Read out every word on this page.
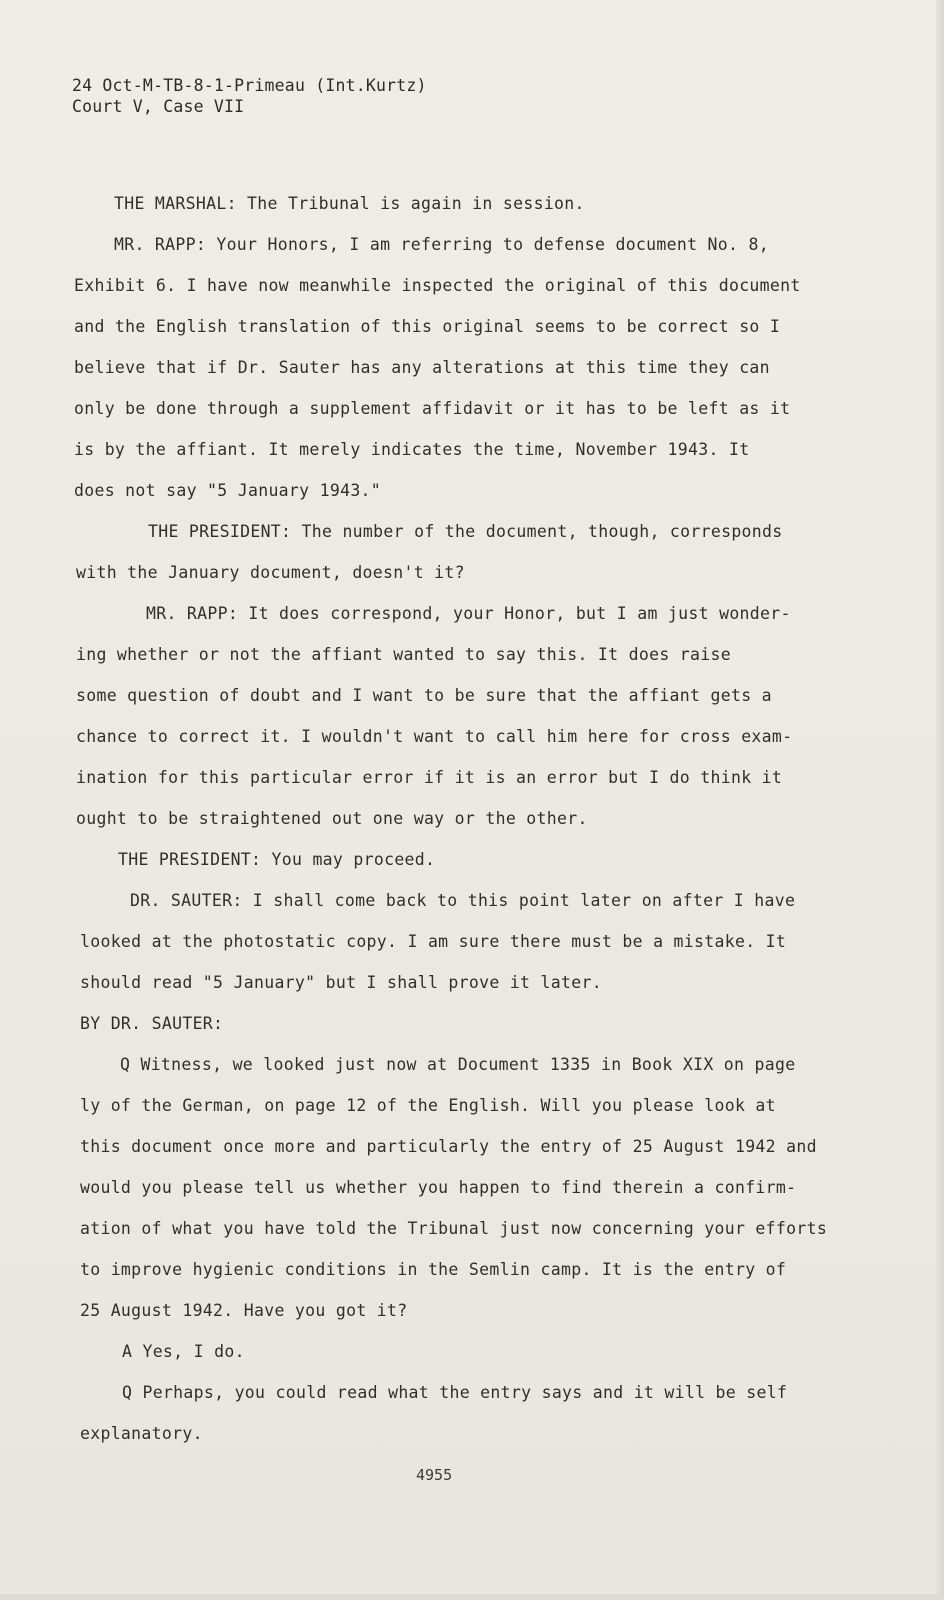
24 Oct-M-TB-8-1-Primeau (Int.Kurtz)

Court V, Case VII

THE MARSHAL: The Tribunal is again in session.

MR. RAPP: Your Honors, I am referring to defense document No. 8,

Exhibit 6. I have now meanwhile inspected the original of this document

and the English translation of this original seems to be correct so I

believe that if Dr. Sauter has any alterations at this time they can

only be done through a supplement affidavit or it has to be left as it

is by the affiant. It merely indicates the time, November 1943. It

does not say "5 January 1943."

THE PRESIDENT: The number of the document, though, corresponds

with the January document, doesn't it?

MR. RAPP: It does correspond, your Honor, but I am just wonder-

ing whether or not the affiant wanted to say this. It does raise

some question of doubt and I want to be sure that the affiant gets a

chance to correct it. I wouldn't want to call him here for cross exam-

ination for this particular error if it is an error but I do think it

ought to be straightened out one way or the other.

THE PRESIDENT: You may proceed.

DR. SAUTER: I shall come back to this point later on after I have

looked at the photostatic copy. I am sure there must be a mistake. It

should read "5 January" but I shall prove it later.

BY DR. SAUTER:

Q Witness, we looked just now at Document 1335 in Book XIX on page

ly of the German, on page 12 of the English. Will you please look at

this document once more and particularly the entry of 25 August 1942 and

would you please tell us whether you happen to find therein a confirm-

ation of what you have told the Tribunal just now concerning your efforts

to improve hygienic conditions in the Semlin camp. It is the entry of

25 August 1942. Have you got it?

A Yes, I do.

Q Perhaps, you could read what the entry says and it will be self

explanatory.

4955
